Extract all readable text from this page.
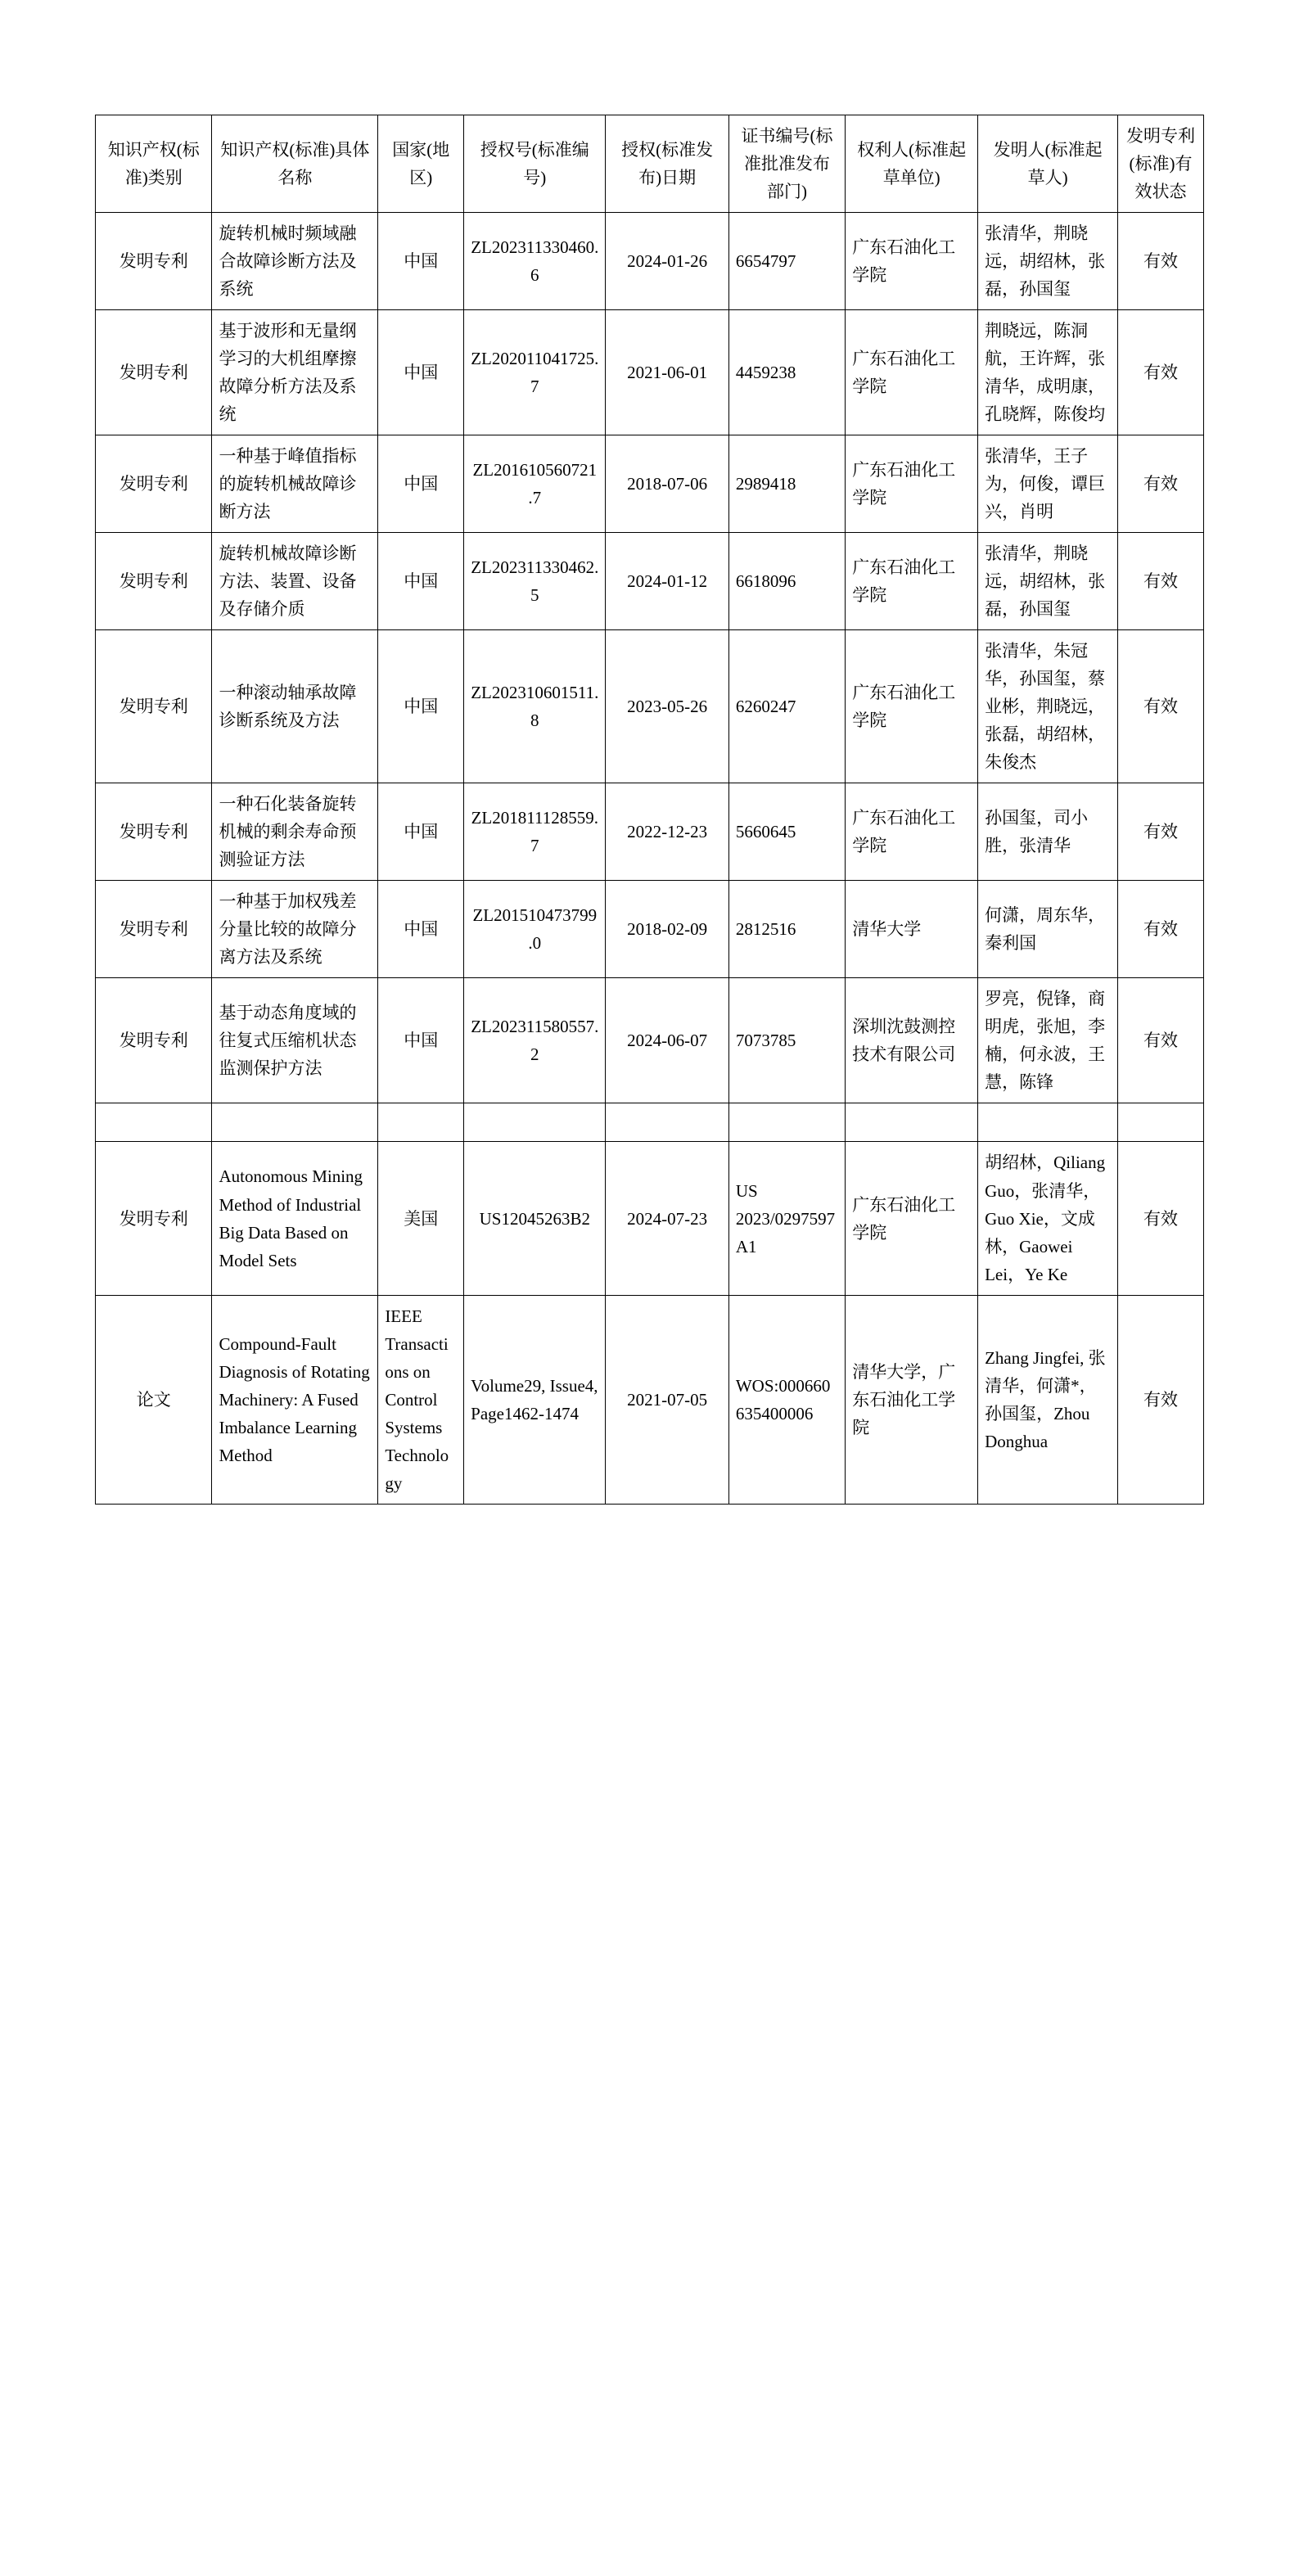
知识产权(标准)类别	知识产权(标准)具体名称	国家(地区)	授权号(标准编号)	授权(标准发布)日期	证书编号(标准批准发布部门)	权利人(标准起草单位)	发明人(标准起草人)	发明专利(标准)有效状态
发明专利	旋转机械时频域融合故障诊断方法及系统	中国	ZL202311330460.6	2024-01-26	6654797	广东石油化工学院	张清华，荆晓远，胡绍林，张磊，孙国玺	有效
发明专利	基于波形和无量纲学习的大机组摩擦故障分析方法及系统	中国	ZL202011041725.7	2021-06-01	4459238	广东石油化工学院	荆晓远，陈洞航，王许辉，张清华，成明康，孔晓辉，陈俊均	有效
发明专利	一种基于峰值指标的旋转机械故障诊断方法	中国	ZL201610560721.7	2018-07-06	2989418	广东石油化工学院	张清华，王子为，何俊，谭巨兴，肖明	有效
发明专利	旋转机械故障诊断方法、装置、设备及存储介质	中国	ZL202311330462.5	2024-01-12	6618096	广东石油化工学院	张清华，荆晓远，胡绍林，张磊，孙国玺	有效
发明专利	一种滚动轴承故障诊断系统及方法	中国	ZL202310601511.8	2023-05-26	6260247	广东石油化工学院	张清华，朱冠华，孙国玺，蔡业彬，荆晓远，张磊，胡绍林，朱俊杰	有效
发明专利	一种石化装备旋转机械的剩余寿命预测验证方法	中国	ZL201811128559.7	2022-12-23	5660645	广东石油化工学院	孙国玺，司小胜，张清华	有效
发明专利	一种基于加权残差分量比较的故障分离方法及系统	中国	ZL201510473799.0	2018-02-09	2812516	清华大学	何潇，周东华，秦利国	有效
发明专利	基于动态角度域的往复式压缩机状态监测保护方法	中国	ZL202311580557.2	2024-06-07	7073785	深圳沈鼓测控技术有限公司	罗亮，倪锋，商明虎，张旭，李楠，何永波，王慧，陈锋	有效

发明专利	Autonomous Mining Method of Industrial Big Data Based on Model Sets	美国	US12045263B2	2024-07-23	US 2023/0297597 A1	广东石油化工学院	胡绍林，Qiliang Guo，张清华，Guo Xie，文成林，Gaowei Lei，Ye Ke	有效
论文	Compound-Fault Diagnosis of Rotating Machinery: A Fused Imbalance Learning Method	IEEE Transactions on Control Systems Technology	Volume29, Issue4, Page1462-1474	2021-07-05	WOS:000660635400006	清华大学，广东石油化工学院	Zhang Jingfei, 张清华，何潇*，孙国玺，Zhou Donghua	有效
